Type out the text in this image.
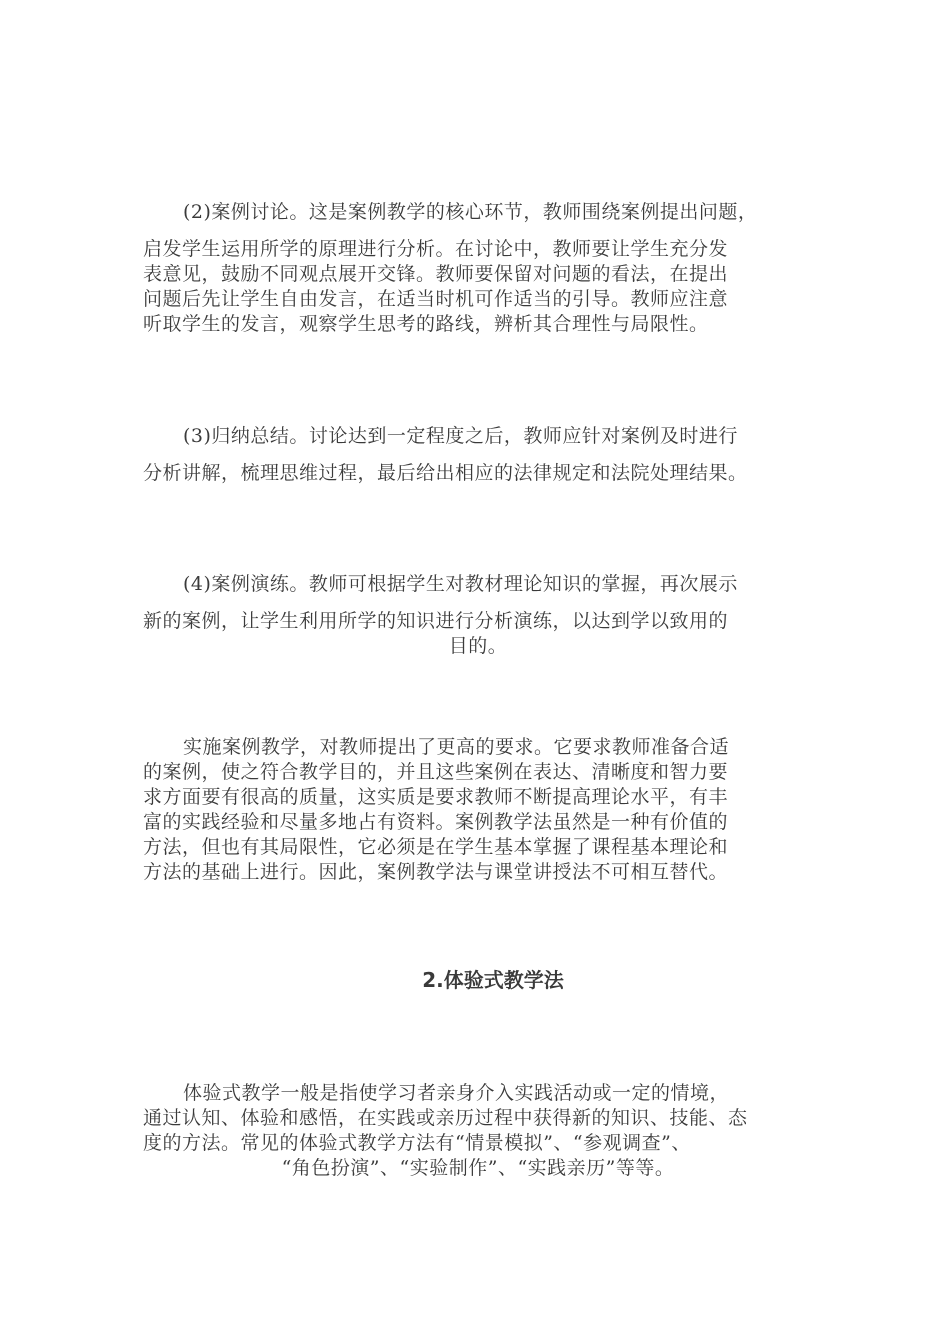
(2)案例讨论。这是案例教学的核心环节，教师围绕案例提出问题，
启发学生运用所学的原理进行分析。在讨论中，教师要让学生充分发
表意见，鼓励不同观点展开交锋。教师要保留对问题的看法，在提出
问题后先让学生自由发言，在适当时机可作适当的引导。教师应注意
听取学生的发言，观察学生思考的路线，辨析其合理性与局限性。
(3)归纳总结。讨论达到一定程度之后，教师应针对案例及时进行
分析讲解，梳理思维过程，最后给出相应的法律规定和法院处理结果。
(4)案例演练。教师可根据学生对教材理论知识的掌握，再次展示
新的案例，让学生利用所学的知识进行分析演练，以达到学以致用的
目的。
实施案例教学，对教师提出了更高的要求。它要求教师准备合适
的案例，使之符合教学目的，并且这些案例在表达、清晰度和智力要
求方面要有很高的质量，这实质是要求教师不断提高理论水平，有丰
富的实践经验和尽量多地占有资料。案例教学法虽然是一种有价值的
方法，但也有其局限性，它必须是在学生基本掌握了课程基本理论和
方法的基础上进行。因此，案例教学法与课堂讲授法不可相互替代。
2.体验式教学法
体验式教学一般是指使学习者亲身介入实践活动或一定的情境，
通过认知、体验和感悟，在实践或亲历过程中获得新的知识、技能、态
度的方法。常见的体验式教学方法有“情景模拟”、“参观调查”、
“角色扮演”、“实验制作”、“实践亲历”等等。
